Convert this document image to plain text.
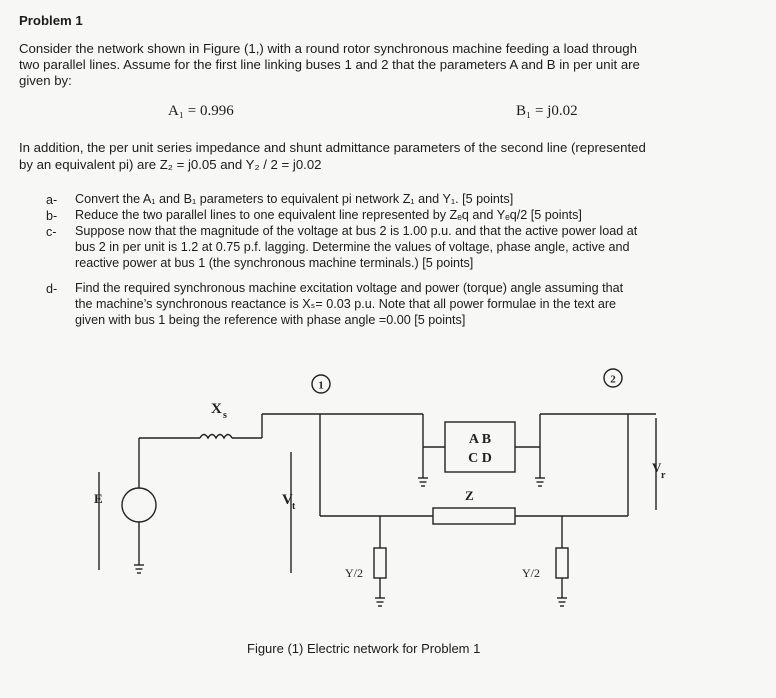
Problem 1
Consider the network shown in Figure (1,) with a round rotor synchronous machine feeding a load through
two parallel lines. Assume for the first line linking buses 1 and 2 that the parameters A and B in per unit are
given by:
A₁ = 0.996	B₁ = j0.02
In addition, the per unit series impedance and shunt admittance parameters of the second line (represented
by an equivalent pi) are Z₂ = j0.05 and Y₂ / 2 = j0.02
a- Convert the A₁ and B₁ parameters to equivalent pi network Z₁ and Y₁. [5 points]
b- Reduce the two parallel lines to one equivalent line represented by Zₑq and Yₑq/2 [5 points]
c- Suppose now that the magnitude of the voltage at bus 2 is 1.00 p.u. and that the active power load at
bus 2 in per unit is 1.2 at 0.75 p.f. lagging. Determine the values of voltage, phase angle, active and
reactive power at bus 1 (the synchronous machine terminals.) [5 points]
d- Find the required synchronous machine excitation voltage and power (torque) angle assuming that
the machine’s synchronous reactance is Xₛ= 0.03 p.u. Note that all power formulae in the text are
given with bus 1 being the reference with phase angle =0.00 [5 points]
1	2
X s
E	V t
V
r
A B
C D
Z
Y/2	Y/2
Figure (1) Electric network for Problem 1
